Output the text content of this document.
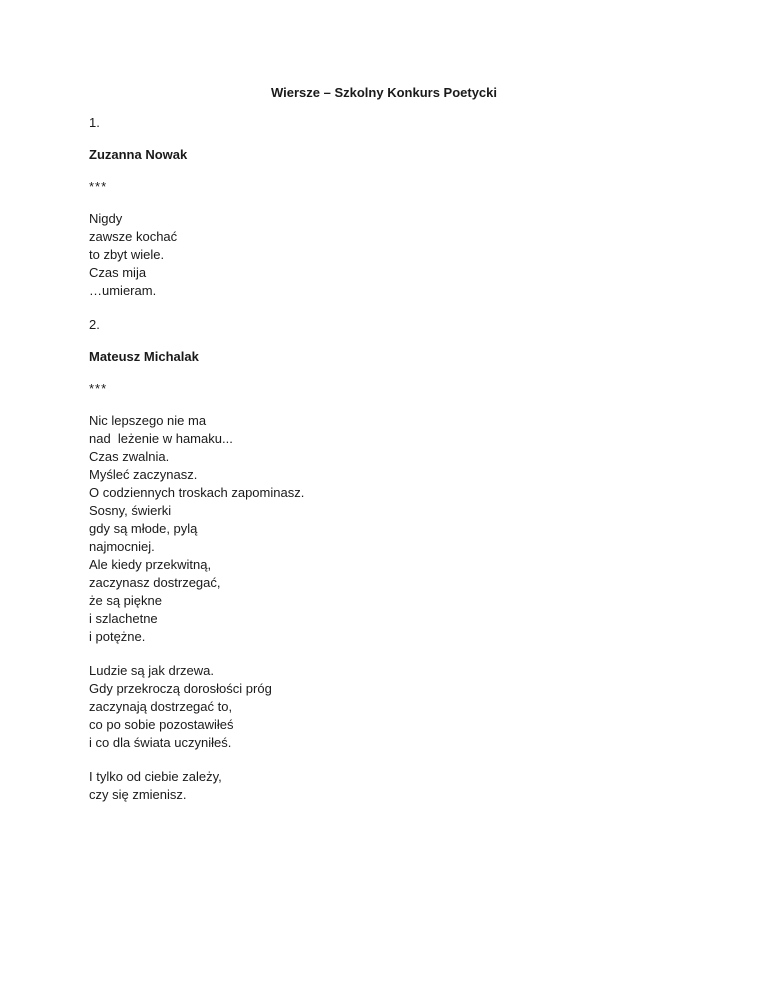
Wiersze – Szkolny Konkurs Poetycki
1.
Zuzanna Nowak
***
Nigdy
zawsze kochać
to zbyt wiele.
Czas mija
…umieram.
2.
Mateusz Michalak
***
Nic lepszego nie ma
nad  leżenie w hamaku...
Czas zwalnia.
Myśleć zaczynasz.
O codziennych troskach zapominasz.
Sosny, świerki
gdy są młode, pylą
najmocniej.
Ale kiedy przekwitną,
zaczynasz dostrzegać,
że są piękne
i szlachetne
i potężne.
Ludzie są jak drzewa.
Gdy przekroczą dorosłości próg
zaczynają dostrzegać to,
co po sobie pozostawiłeś
i co dla świata uczyniłeś.
I tylko od ciebie zależy,
czy się zmienisz.
